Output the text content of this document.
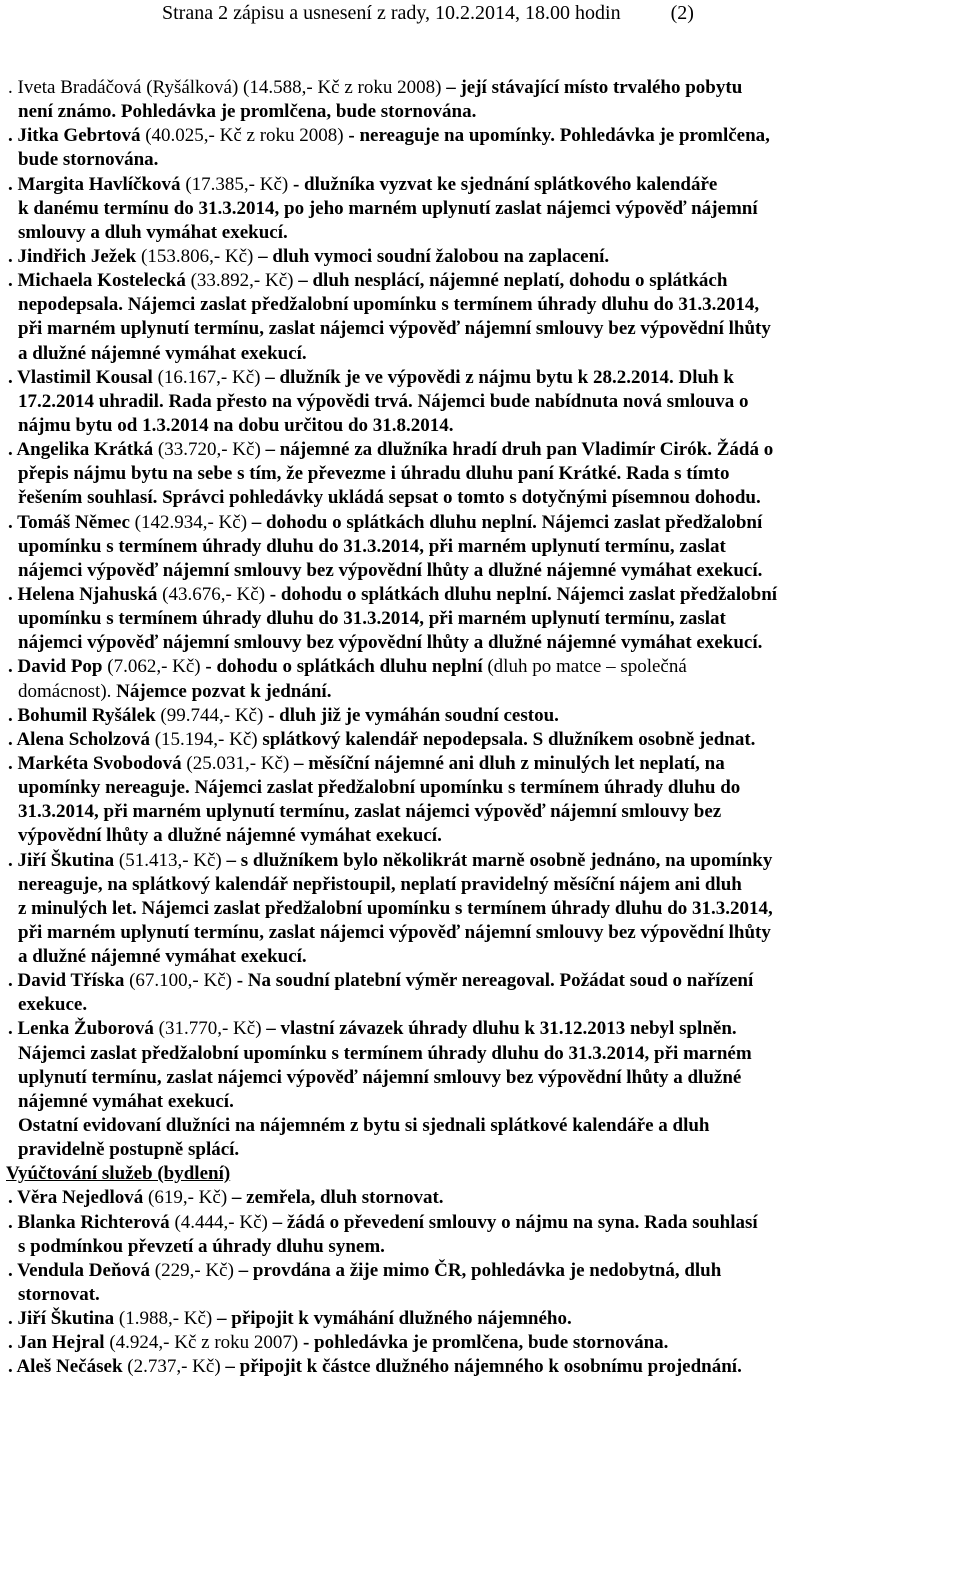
Strana 2 zápisu a usnesení z rady, 10.2.2014, 18.00 hodin          (2)
. Iveta Bradáčová (Ryšálková) (14.588,- Kč z roku 2008) – její stávající místo trvalého pobytu
není známo. Pohledávka je promlčena, bude stornována.
. Jitka Gebrtová (40.025,- Kč z roku 2008) - nereaguje na upomínky. Pohledávka je promlčena,
bude stornována.
. Margita Havlíčková (17.385,- Kč) - dlužníka vyzvat ke sjednání splátkového kalendáře
k danému termínu do 31.3.2014, po jeho marném uplynutí zaslat nájemci výpověď nájemní
smlouvy a dluh vymáhat exekucí.
. Jindřich Ježek (153.806,- Kč) – dluh vymoci soudní žalobou na zaplacení.
. Michaela Kostelecká (33.892,- Kč) – dluh nesplácí, nájemné neplatí, dohodu o splátkách
nepodepsala. Nájemci zaslat předžalobní upomínku s termínem úhrady dluhu do 31.3.2014,
při marném uplynutí termínu, zaslat nájemci výpověď nájemní smlouvy bez výpovědní lhůty
a dlužné nájemné vymáhat exekucí.
. Vlastimil Kousal (16.167,- Kč) – dlužník je ve výpovědi z nájmu bytu k 28.2.2014. Dluh k
17.2.2014 uhradil. Rada přesto na výpovědi trvá. Nájemci bude nabídnuta nová smlouva o
nájmu bytu od 1.3.2014 na dobu určitou do 31.8.2014.
. Angelika Krátká (33.720,- Kč) – nájemné za dlužníka hradí druh pan Vladimír Cirók. Žádá o
přepis nájmu bytu na sebe s tím, že převezme i úhradu dluhu paní Krátké. Rada s tímto
řešením souhlasí. Správci pohledávky ukládá sepsat o tomto s dotyčnými písemnou dohodu.
. Tomáš Němec (142.934,- Kč) – dohodu o splátkách dluhu neplní. Nájemci zaslat předžalobní
upomínku s termínem úhrady dluhu do 31.3.2014, při marném uplynutí termínu, zaslat
nájemci výpověď nájemní smlouvy bez výpovědní lhůty a dlužné nájemné vymáhat exekucí.
. Helena Njahuská (43.676,- Kč) - dohodu o splátkách dluhu neplní. Nájemci zaslat předžalobní
upomínku s termínem úhrady dluhu do 31.3.2014, při marném uplynutí termínu, zaslat
nájemci výpověď nájemní smlouvy bez výpovědní lhůty a dlužné nájemné vymáhat exekucí.
. David Pop (7.062,- Kč) - dohodu o splátkách dluhu neplní (dluh po matce – společná
domácnost). Nájemce pozvat k jednání.
. Bohumil Ryšálek (99.744,- Kč) - dluh již je vymáhán soudní cestou.
. Alena Scholzová (15.194,- Kč) splátkový kalendář nepodepsala. S dlužníkem osobně jednat.
. Markéta Svobodová (25.031,- Kč) – měsíční nájemné ani dluh z minulých let neplatí, na
upomínky nereaguje. Nájemci zaslat předžalobní upomínku s termínem úhrady dluhu do
31.3.2014, při marném uplynutí termínu, zaslat nájemci výpověď nájemní smlouvy bez
výpovědní lhůty a dlužné nájemné vymáhat exekucí.
. Jiří Škutina (51.413,- Kč) – s dlužníkem bylo několikrát marně osobně jednáno, na upomínky
nereaguje, na splátkový kalendář nepřistoupil, neplatí pravidelný měsíční nájem ani dluh
z minulých let. Nájemci zaslat předžalobní upomínku s termínem úhrady dluhu do 31.3.2014,
při marném uplynutí termínu, zaslat nájemci výpověď nájemní smlouvy bez výpovědní lhůty
a dlužné nájemné vymáhat exekucí.
. David Tříska (67.100,- Kč) - Na soudní platební výměr nereagoval. Požádat soud o nařízení
exekuce.
. Lenka Žuborová (31.770,- Kč) – vlastní závazek úhrady dluhu k 31.12.2013 nebyl splněn.
Nájemci zaslat předžalobní upomínku s termínem úhrady dluhu do 31.3.2014, při marném
uplynutí termínu, zaslat nájemci výpověď nájemní smlouvy bez výpovědní lhůty a dlužné
nájemné vymáhat exekucí.
Ostatní evidovaní dlužníci na nájemném z bytu si sjednali splátkové kalendáře a dluh
pravidelně postupně splácí.
Vyúčtování služeb (bydlení)
. Věra Nejedlová (619,- Kč) – zemřela, dluh stornovat.
. Blanka Richterová (4.444,- Kč) – žádá o převedení smlouvy o nájmu na syna. Rada souhlasí
s podmínkou převzetí a úhrady dluhu synem.
. Vendula Deňová (229,- Kč) – provdána a žije mimo ČR, pohledávka je nedobytná, dluh
stornovat.
. Jiří Škutina (1.988,- Kč) – připojit k vymáhání dlužného nájemného.
. Jan Hejral (4.924,- Kč z roku 2007) - pohledávka je promlčena, bude stornována.
. Aleš Nečásek (2.737,- Kč) – připojit k částce dlužného nájemného k osobnímu projednání.
